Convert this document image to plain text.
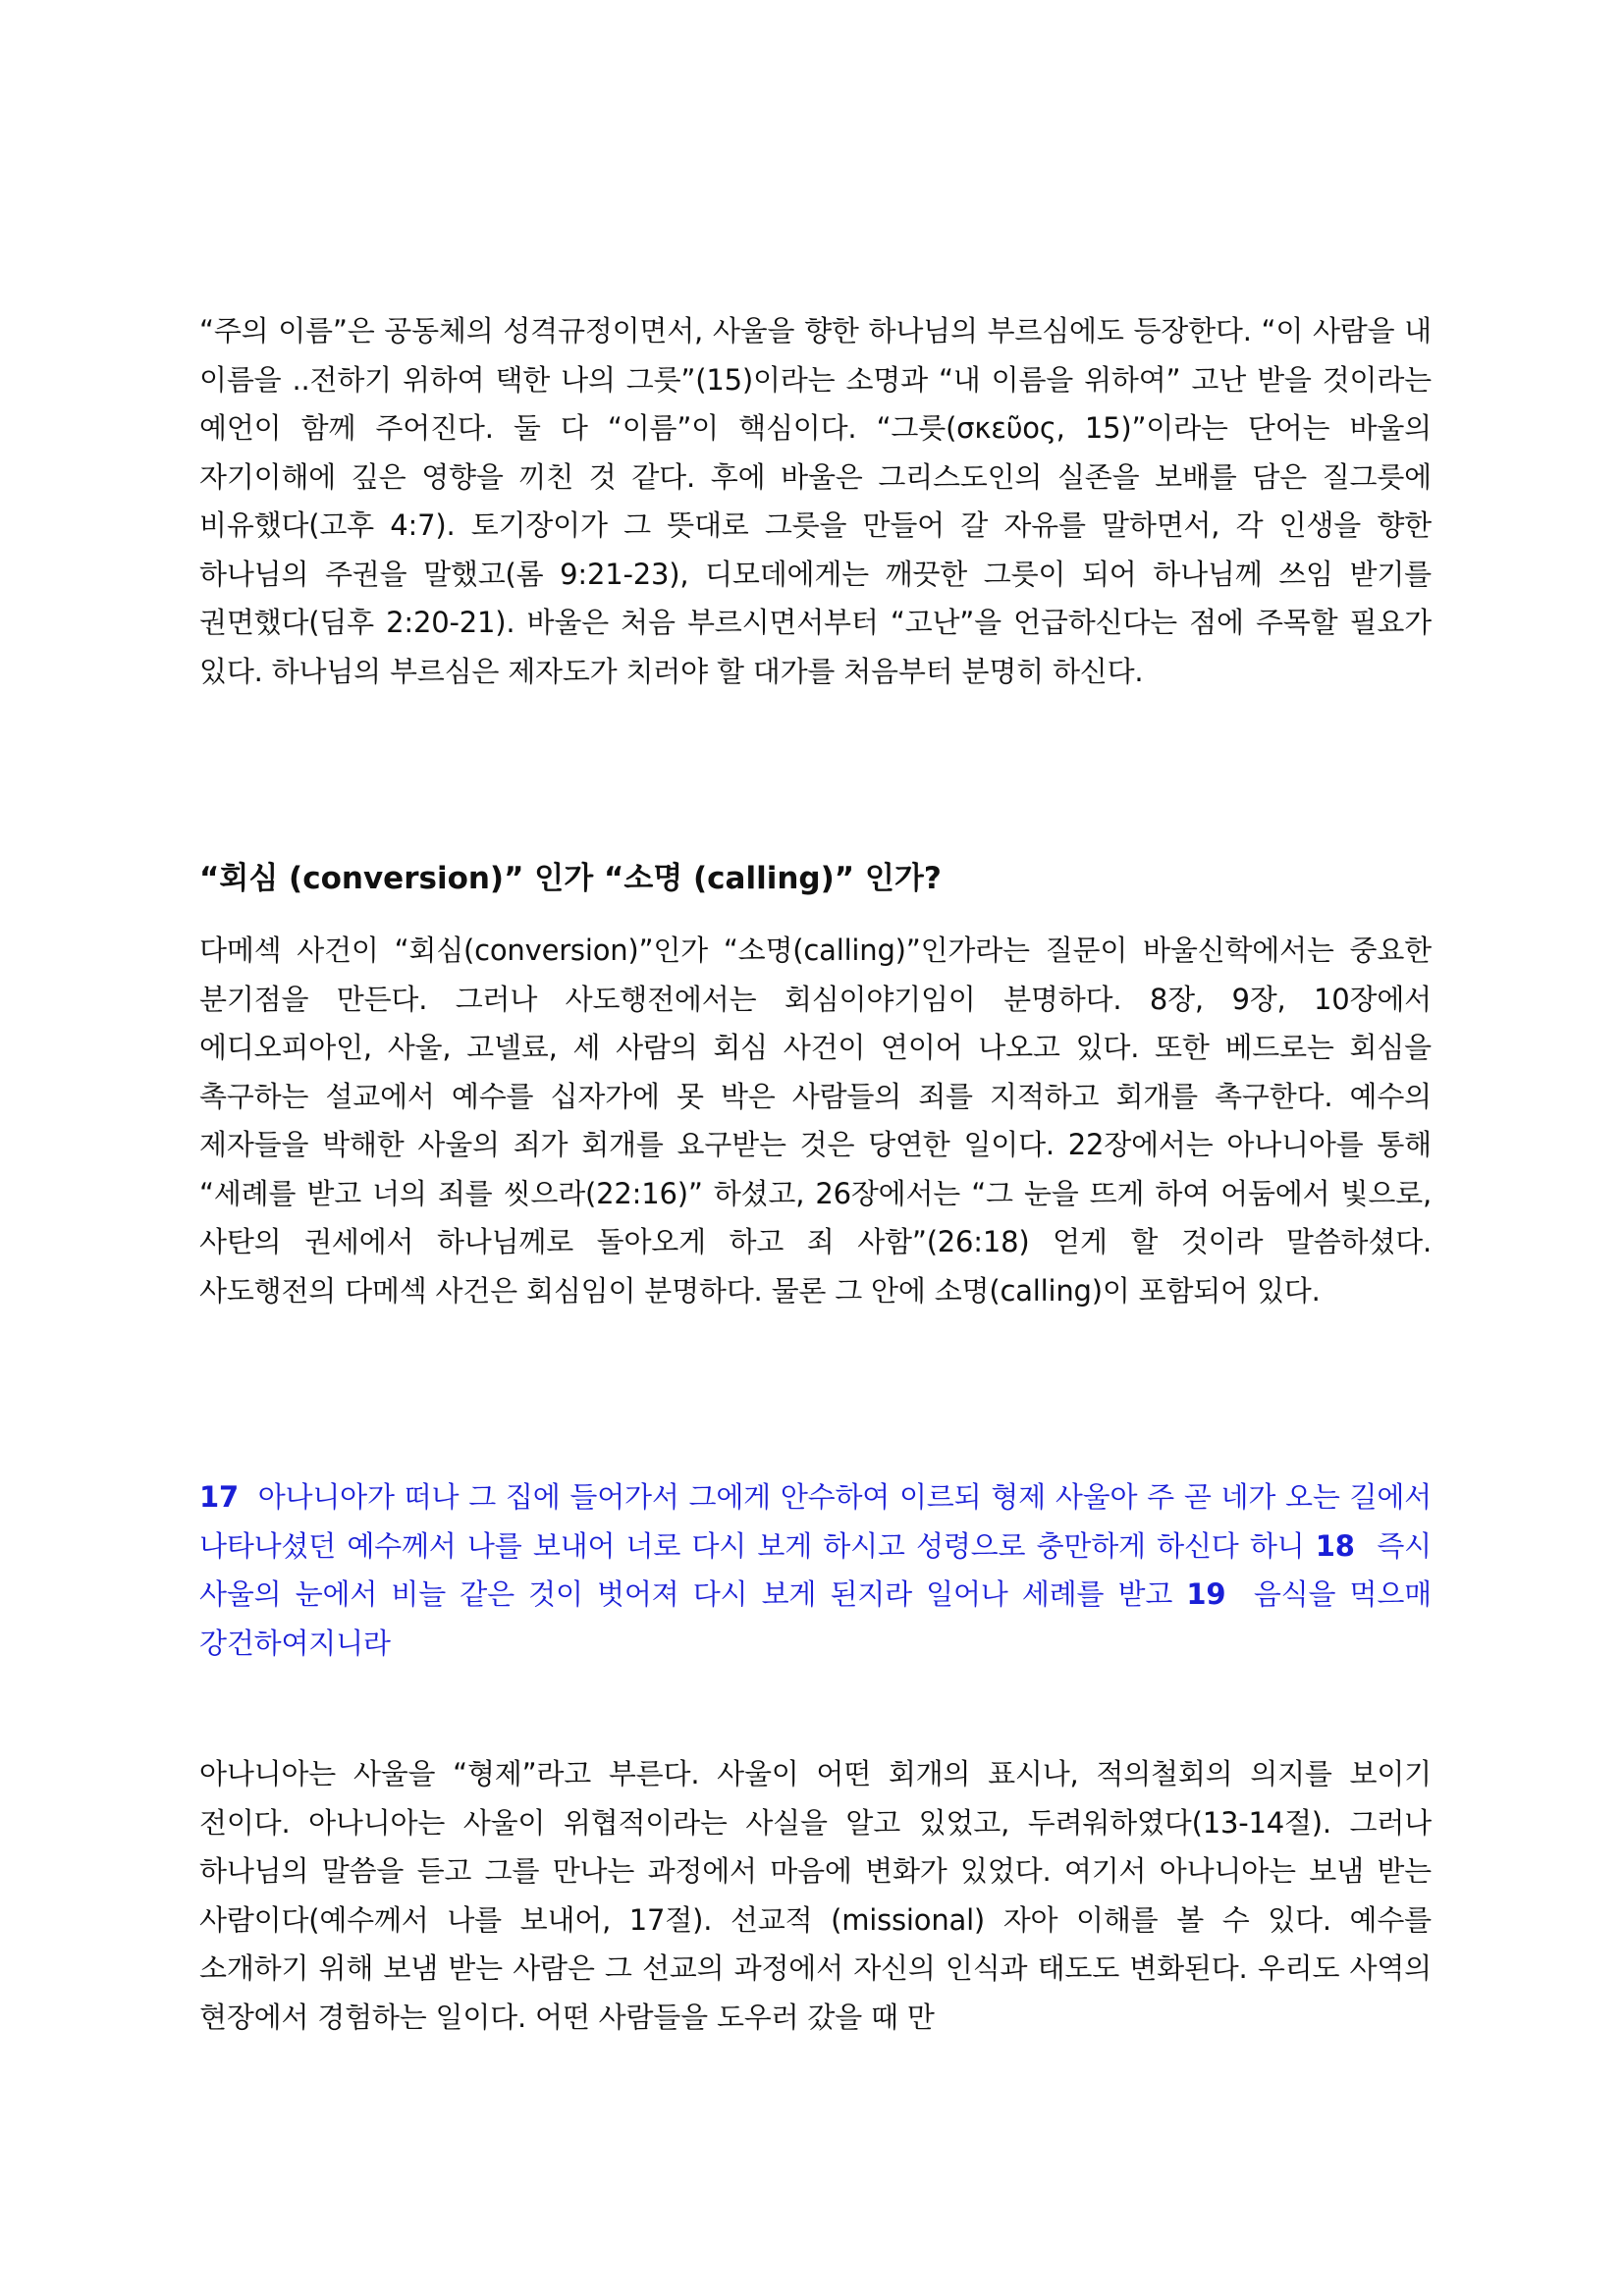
“주의 이름”은 공동체의 성격규정이면서, 사울을 향한 하나님의 부르심에도 등장한다. “이 사람을 내 이름을 ..전하기 위하여 택한 나의 그릇”(15)이라는 소명과 “내 이름을 위하여” 고난 받을 것이라는 예언이 함께 주어진다. 둘 다 “이름”이 핵심이다. “그릇(σκεῦος, 15)”이라는 단어는 바울의 자기이해에 깊은 영향을 끼친 것 같다. 후에 바울은 그리스도인의 실존을 보배를 담은 질그릇에 비유했다(고후 4:7). 토기장이가 그 뜻대로 그릇을 만들어 갈 자유를 말하면서, 각 인생을 향한 하나님의 주권을 말했고(롬 9:21-23), 디모데에게는 깨끗한 그릇이 되어 하나님께 쓰임 받기를 권면했다(딤후 2:20-21). 바울은 처음 부르시면서부터 “고난”을 언급하신다는 점에 주목할 필요가 있다. 하나님의 부르심은 제자도가 치러야 할 대가를 처음부터 분명히 하신다.

“회심 (conversion)” 인가 “소명 (calling)” 인가?

다메섹 사건이 “회심(conversion)”인가 “소명(calling)”인가라는 질문이 바울신학에서는 중요한 분기점을 만든다. 그러나 사도행전에서는 회심이야기임이 분명하다. 8장, 9장, 10장에서 에디오피아인, 사울, 고넬료, 세 사람의 회심 사건이 연이어 나오고 있다. 또한 베드로는 회심을 촉구하는 설교에서 예수를 십자가에 못 박은 사람들의 죄를 지적하고 회개를 촉구한다. 예수의 제자들을 박해한 사울의 죄가 회개를 요구받는 것은 당연한 일이다. 22장에서는 아나니아를 통해 “세례를 받고 너의 죄를 씻으라(22:16)” 하셨고, 26장에서는 “그 눈을 뜨게 하여 어둠에서 빛으로, 사탄의 권세에서 하나님께로 돌아오게 하고 죄 사함”(26:18) 얻게 할 것이라 말씀하셨다. 사도행전의 다메섹 사건은 회심임이 분명하다. 물론 그 안에 소명(calling)이 포함되어 있다.

17 아나니아가 떠나 그 집에 들어가서 그에게 안수하여 이르되 형제 사울아 주 곧 네가 오는 길에서 나타나셨던 예수께서 나를 보내어 너로 다시 보게 하시고 성령으로 충만하게 하신다 하니 18 즉시 사울의 눈에서 비늘 같은 것이 벗어져 다시 보게 된지라 일어나 세례를 받고 19 음식을 먹으매 강건하여지니라

아나니아는 사울을 “형제”라고 부른다. 사울이 어떤 회개의 표시나, 적의철회의 의지를 보이기 전이다. 아나니아는 사울이 위협적이라는 사실을 알고 있었고, 두려워하였다(13-14절). 그러나 하나님의 말씀을 듣고 그를 만나는 과정에서 마음에 변화가 있었다. 여기서 아나니아는 보냄 받는 사람이다(예수께서 나를 보내어, 17절). 선교적 (missional) 자아 이해를 볼 수 있다. 예수를 소개하기 위해 보냄 받는 사람은 그 선교의 과정에서 자신의 인식과 태도도 변화된다. 우리도 사역의 현장에서 경험하는 일이다. 어떤 사람들을 도우러 갔을 때 만
